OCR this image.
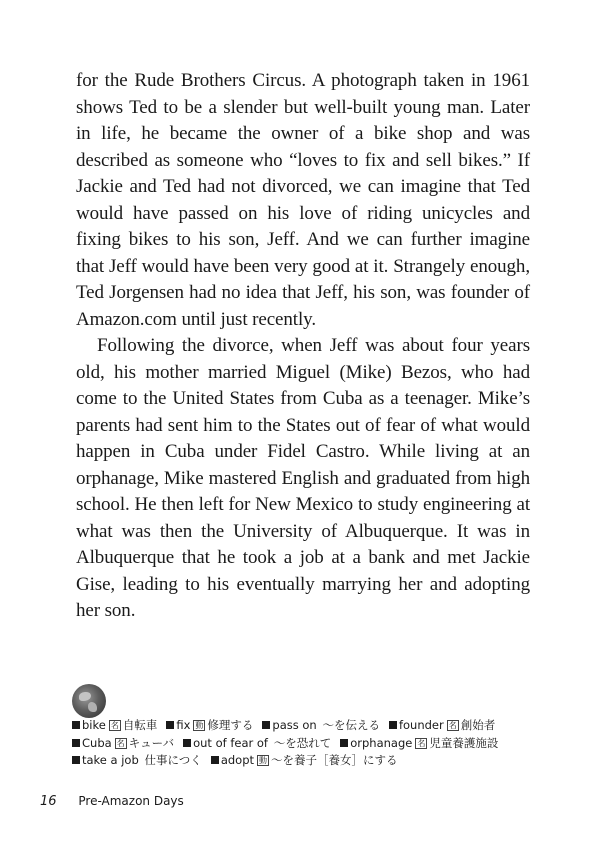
for the Rude Brothers Circus. A photograph taken in 1961 shows Ted to be a slender but well-built young man. Later in life, he became the owner of a bike shop and was described as someone who “loves to fix and sell bikes.” If Jackie and Ted had not divorced, we can imagine that Ted would have passed on his love of riding unicycles and fixing bikes to his son, Jeff. And we can further imagine that Jeff would have been very good at it. Strangely enough, Ted Jorgensen had no idea that Jeff, his son, was founder of Amazon.com until just recently.

Following the divorce, when Jeff was about four years old, his mother married Miguel (Mike) Bezos, who had come to the United States from Cuba as a teenager. Mike’s parents had sent him to the States out of fear of what would happen in Cuba under Fidel Castro. While living at an orphanage, Mike mastered English and graduated from high school. He then left for New Mexico to study engineering at what was then the University of Albuquerque. It was in Albuquerque that he took a job at a bank and met Jackie Gise, leading to his eventually marrying her and adopting her son.

bike 名 自転車 fix 動 修理する pass on  ～を伝える founder 名 創始者
Cuba 名 キューバ out of fear of  ～を恐れて orphanage 名 児童養護施設
take a job  仕事につく adopt 動 ～を養子［養女］にする
16 Pre-Amazon Days
